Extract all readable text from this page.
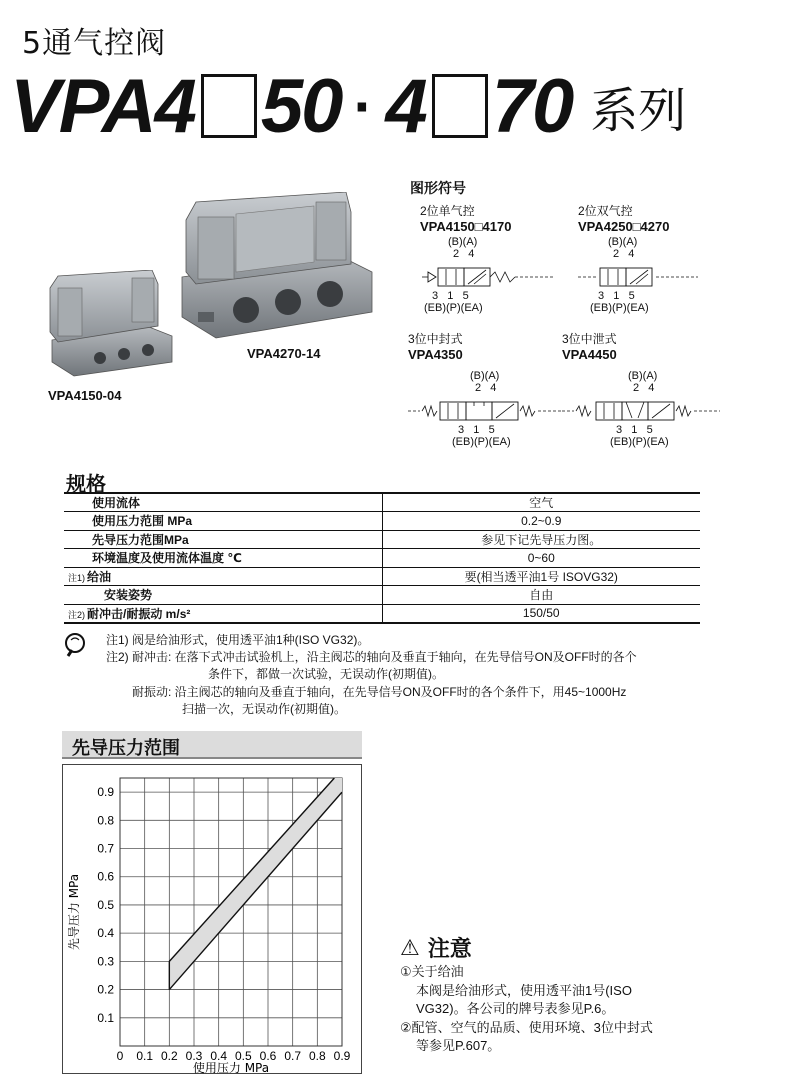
5通气控阀
VPA4 50 · 4 70 系列
VPA4270-14
VPA4150-04
图形符号
2位单气控
VPA4150□4170
(B)(A)
2   4
3   1   5
(EB)(P)(EA)
2位双气控
VPA4250□4270
(B)(A)
2   4
3   1   5
(EB)(P)(EA)
3位中封式
VPA4350
(B)(A)
2   4
3   1   5
(EB)(P)(EA)
3位中泄式
VPA4450
(B)(A)
2   4
3   1   5
(EB)(P)(EA)
规格
使用流体	空气
使用压力范围 MPa	0.2~0.9
先导压力范围MPa	参见下记先导压力图。
环境温度及使用流体温度 ℃	0~60
注1) 给油	要(相当透平油1号 ISOVG32)
安装姿势	自由
注2) 耐冲击/耐振动 m/s²	150/50
注1) 阀是给油形式，使用透平油1种(ISO VG32)。
注2) 耐冲击: 在落下式冲击试验机上，沿主阀芯的轴向及垂直于轴向，在先导信号ON及OFF时的各个
条件下，都做一次试验，无误动作(初期值)。
耐振动: 沿主阀芯的轴向及垂直于轴向，在先导信号ON及OFF时的各个条件下，用45~1000Hz
扫描一次，无误动作(初期值)。
先导压力范围
0 0.1 0.2 0.3 0.4 0.5 0.6 0.7 0.8 0.9
0.1
0.2
0.3
0.4
0.5
0.6
0.7
0.8
0.9
使用压力 MPa
先导压力 MPa	⚠ 注意
①关于给油
本阀是给油形式，使用透平油1号(ISO
VG32)。各公司的牌号表参见P.6。
②配管、空气的品质、使用环境、3位中封式
等参见P.607。
